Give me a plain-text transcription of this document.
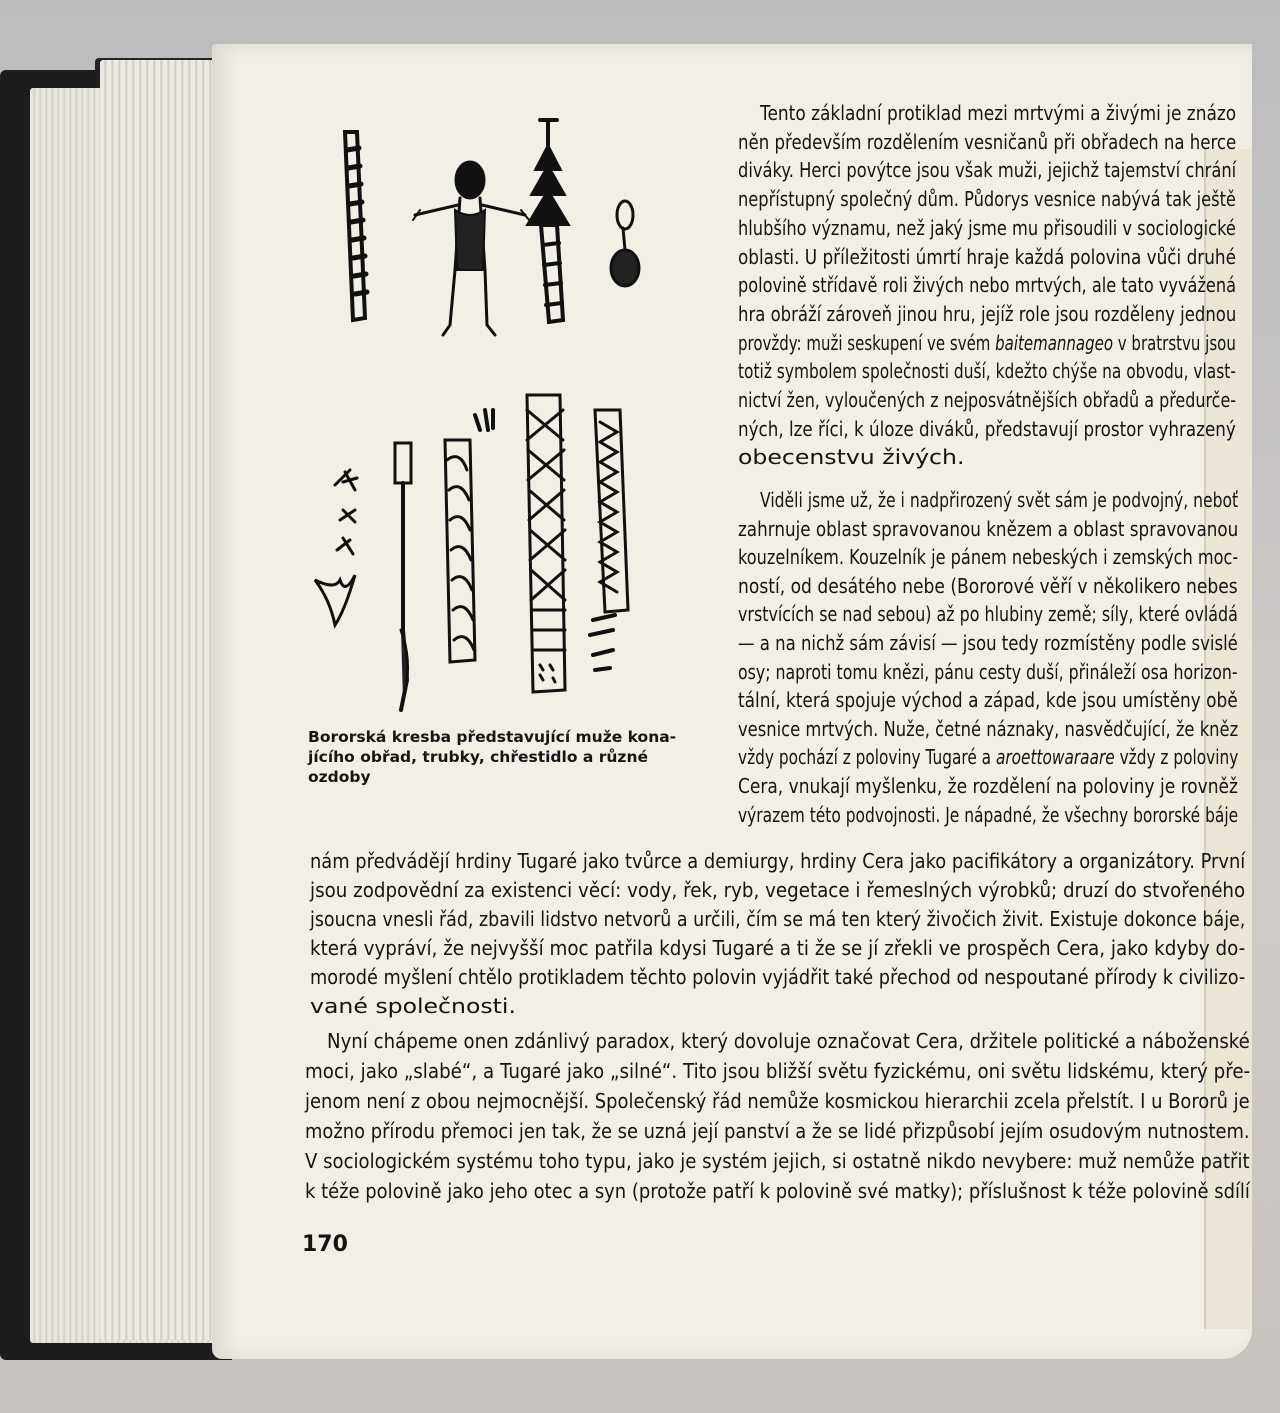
Bororská kresba představující muže kona-
jícího obřad, trubky, chřestidlo a různé
ozdoby
Tento základní protiklad mezi mrtvými a živými je znázo
něn především rozdělením vesničanů při obřadech na herce
diváky. Herci povýtce jsou však muži, jejichž tajemství chrání
nepřístupný společný dům. Půdorys vesnice nabývá tak ještě
hlubšího významu, než jaký jsme mu přisoudili v sociologické
oblasti. U příležitosti úmrtí hraje každá polovina vůči druhé
polovině střídavě roli živých nebo mrtvých, ale tato vyvážená
hra obráží zároveň jinou hru, jejíž role jsou rozděleny jednou
provždy: muži seskupení ve svém baitemannageo v bratrstvu jsou
totiž symbolem společnosti duší, kdežto chýše na obvodu, vlast-
nictví žen, vyloučených z nejposvátnějších obřadů a předurče-
ných, lze říci, k úloze diváků, představují prostor vyhrazený
obecenstvu živých.
Viděli jsme už, že i nadpřirozený svět sám je podvojný, neboť
zahrnuje oblast spravovanou knězem a oblast spravovanou
kouzelníkem. Kouzelník je pánem nebeských i zemských moc-
ností, od desátého nebe (Bororové věří v několikero nebes
vrstvících se nad sebou) až po hlubiny země; síly, které ovládá
— a na nichž sám závisí — jsou tedy rozmístěny podle svislé
osy; naproti tomu knězi, pánu cesty duší, přináleží osa horizon-
tální, která spojuje východ a západ, kde jsou umístěny obě
vesnice mrtvých. Nuže, četné náznaky, nasvědčující, že kněz
vždy pochází z poloviny Tugaré a aroettowaraare vždy z poloviny
Cera, vnukají myšlenku, že rozdělení na poloviny je rovněž
výrazem této podvojnosti. Je nápadné, že všechny bororské báje
nám předvádějí hrdiny Tugaré jako tvůrce a demiurgy, hrdiny Cera jako pacifikátory a organizátory. První
jsou zodpovědní za existenci věcí: vody, řek, ryb, vegetace i řemeslných výrobků; druzí do stvořeného
jsoucna vnesli řád, zbavili lidstvo netvorů a určili, čím se má ten který živočich živit. Existuje dokonce báje,
která vypráví, že nejvyšší moc patřila kdysi Tugaré a ti že se jí zřekli ve prospěch Cera, jako kdyby do-
morodé myšlení chtělo protikladem těchto polovin vyjádřit také přechod od nespoutané přírody k civilizo-
vané společnosti.
Nyní chápeme onen zdánlivý paradox, který dovoluje označovat Cera, držitele politické a náboženské
moci, jako „slabé“, a Tugaré jako „silné“. Tito jsou bližší světu fyzickému, oni světu lidskému, který pře-
jenom není z obou nejmocnější. Společenský řád nemůže kosmickou hierarchii zcela přelstít. I u Bororů je
možno přírodu přemoci jen tak, že se uzná její panství a že se lidé přizpůsobí jejím osudovým nutnostem.
V sociologickém systému toho typu, jako je systém jejich, si ostatně nikdo nevybere: muž nemůže patřit
k téže polovině jako jeho otec a syn (protože patří k polovině své matky); příslušnost k téže polovině sdílí
170
